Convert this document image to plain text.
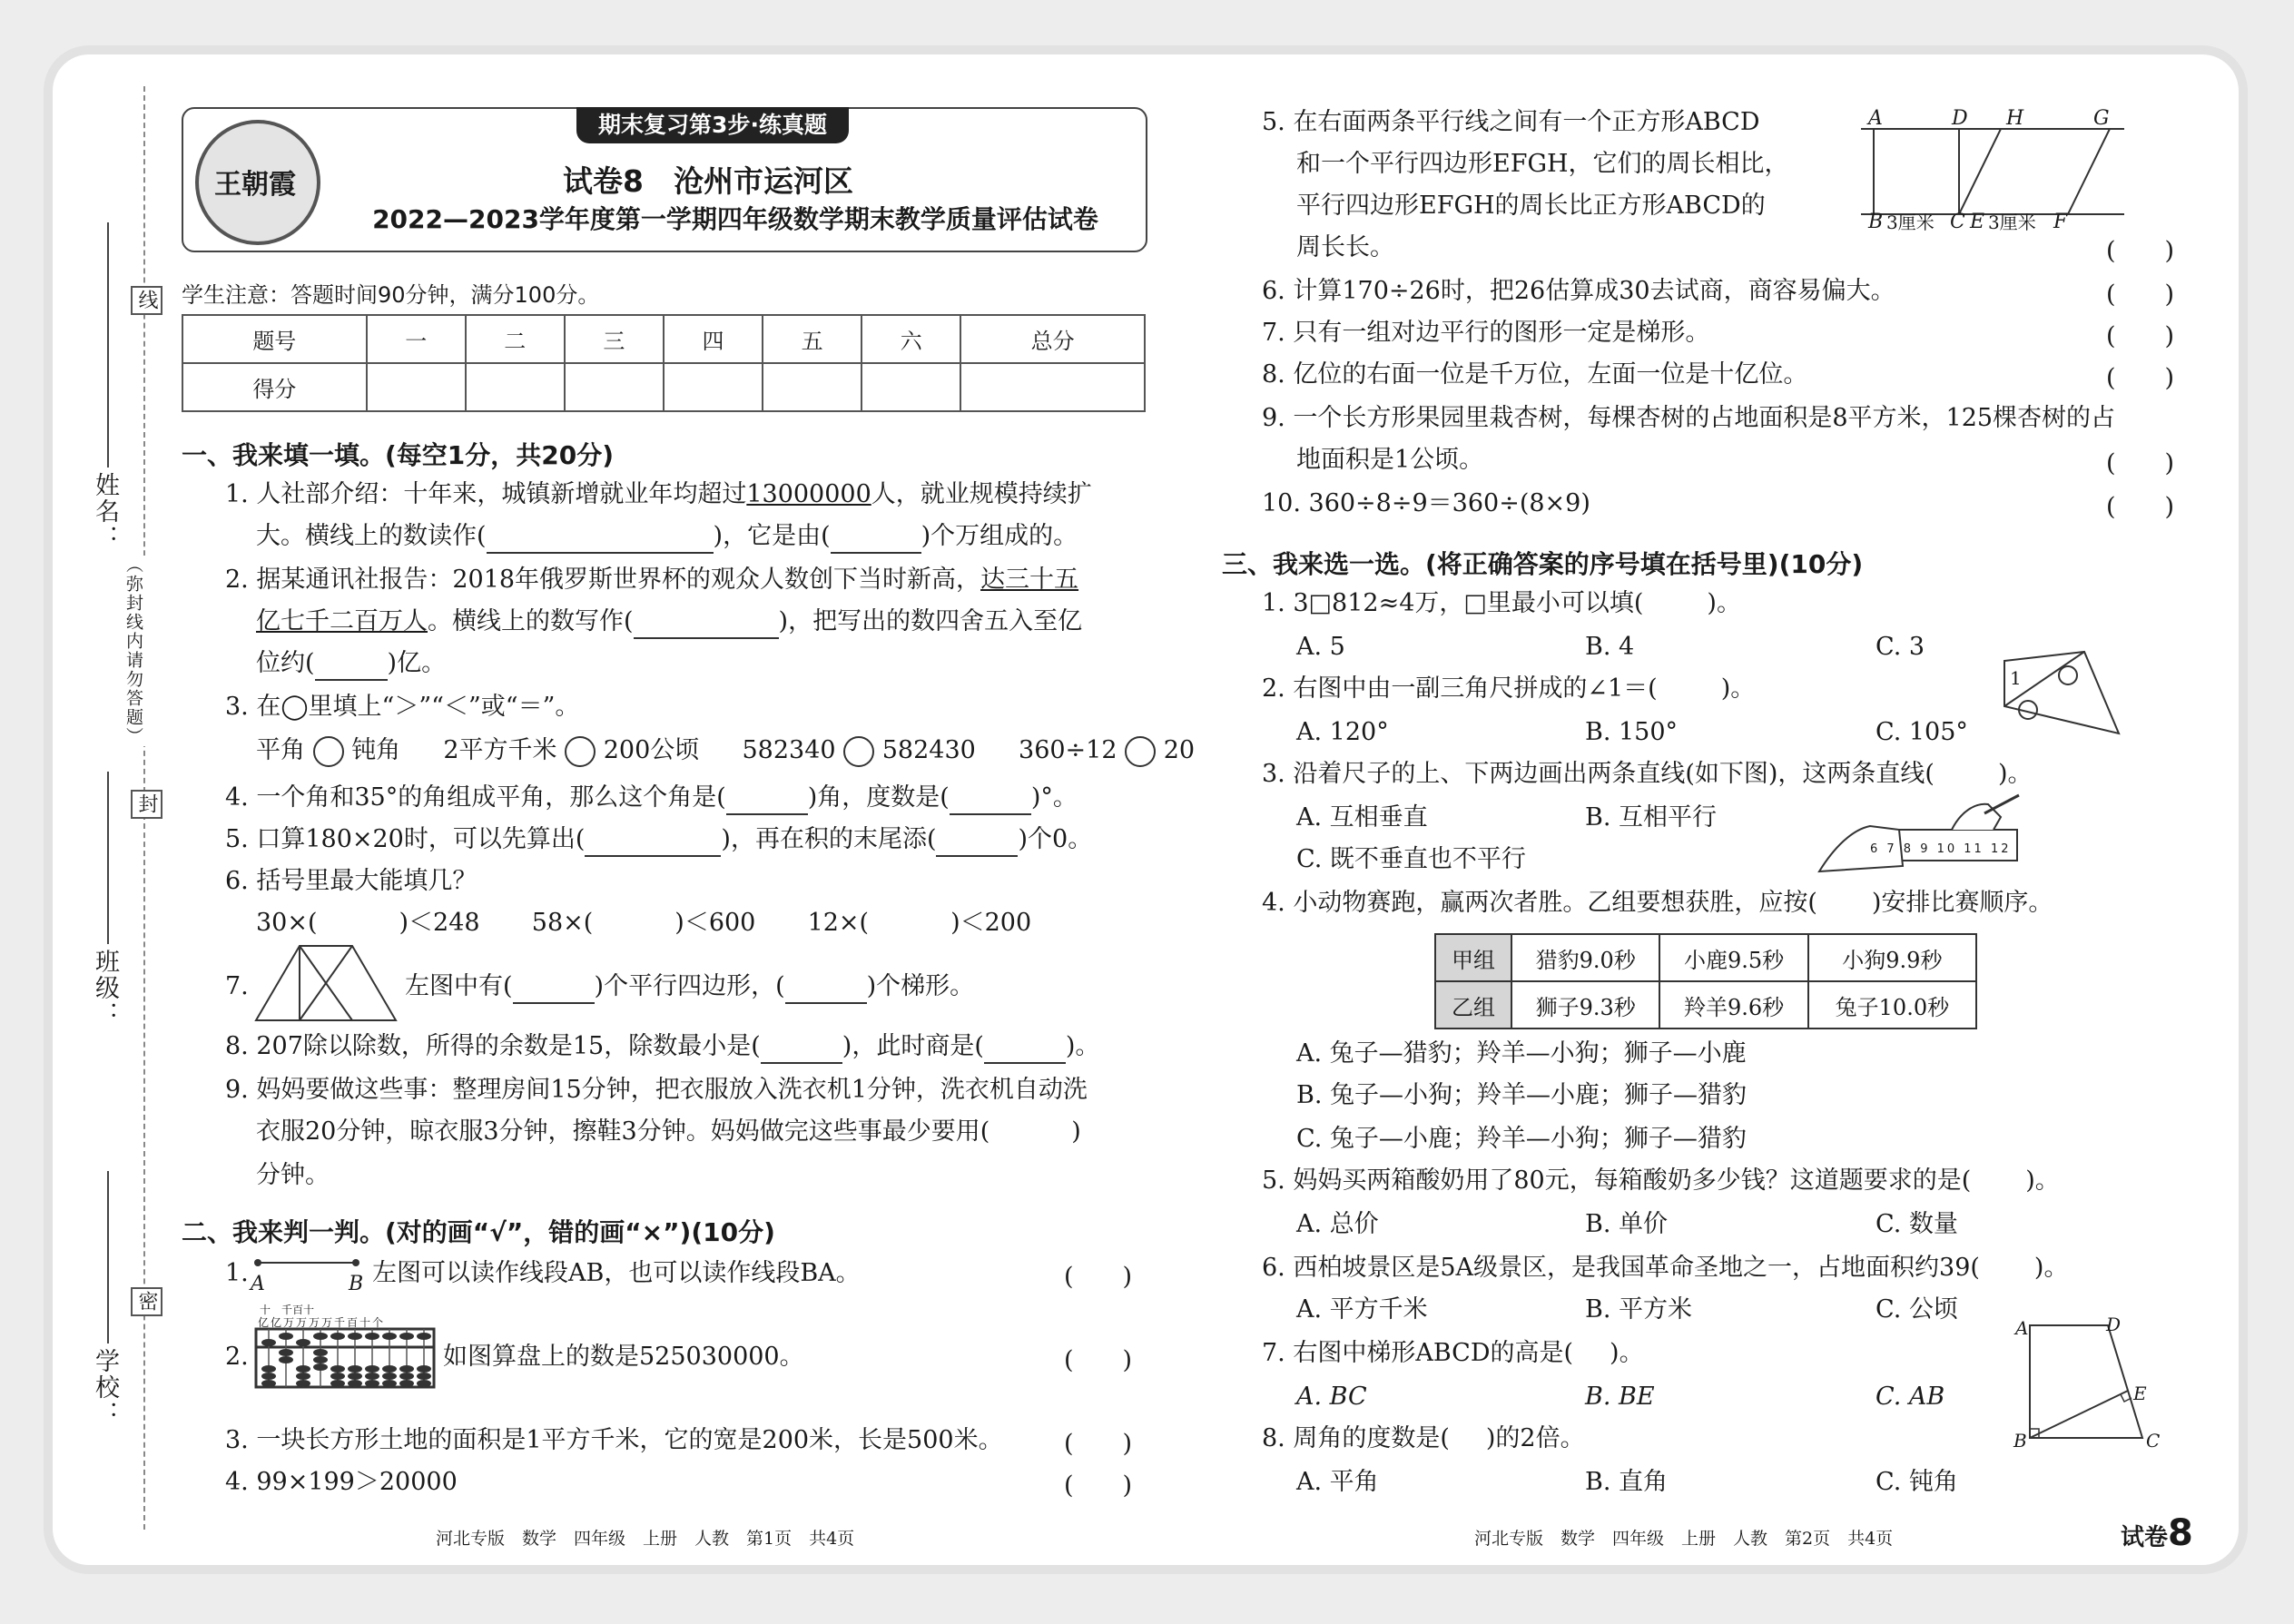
学校：
班级：
姓名：
线
封
密
（弥封线内请勿答题）
期末复习第3步·练真题
王朝霞	试卷8　沧州市运河区
2022—2023学年度第一学期四年级数学期末教学质量评估试卷
学生注意：答题时间90分钟，满分100分。
题号	一	二	三	四	五	六	总分
得分							
一、我来填一填。(每空1分，共20分)
1. 人社部介绍：十年来，城镇新增就业年均超过13000000人，就业规模持续扩
大。横线上的数读作(	)，它是由(	)个万组成的。
2. 据某通讯社报告：2018年俄罗斯世界杯的观众人数创下当时新高，达三十五
亿七千二百万人。横线上的数写作(	)，把写出的数四舍五入至亿
位约(	)亿。
3. 在◯里填上“＞”“＜”或“＝”。
平角 钝角 2平方千米 200公顷 582340 582430 360÷12 20
4. 一个角和35°的角组成平角，那么这个角是(	)角，度数是(	)°。
5. 口算180×20时，可以先算出(	)，再在积的末尾添(	)个0。
6. 括号里最大能填几？
30×(	)＜248 58×(	)＜600 12×(	)＜200
7.	左图中有(	)个平行四边形，(	)个梯形。
8. 207除以除数，所得的余数是15，除数最小是(	)，此时商是(	)。
9. 妈妈要做这些事：整理房间15分钟，把衣服放入洗衣机1分钟，洗衣机自动洗
衣服20分钟，晾衣服3分钟，擦鞋3分钟。妈妈做完这些事最少要用(	)
分钟。
二、我来判一判。(对的画“√”，错的画“×”)(10分)
1. A	B 左图可以读作线段AB，也可以读作线段BA。	(　　)
2.
十　千百十
亿亿万万万万千百十个
如图算盘上的数是525030000。	(　　)
3. 一块长方形土地的面积是1平方千米，它的宽是200米，长是500米。 (　　)
4. 99×199＞20000	(　　)
5. 在右面两条平行线之间有一个正方形ABCD
和一个平行四边形EFGH，它们的周长相比，
平行四边形EFGH的周长比正方形ABCD的
周长长。	(　　)
A	D H	G
B 3厘米 C E 3厘米 F
6. 计算170÷26时，把26估算成30去试商，商容易偏大。	(　　)
7. 只有一组对边平行的图形一定是梯形。	(　　)
8. 亿位的右面一位是千万位，左面一位是十亿位。	(　　)
9. 一个长方形果园里栽杏树，每棵杏树的占地面积是8平方米，125棵杏树的占
地面积是1公顷。	(　　)
10. 360÷8÷9＝360÷(8×9)	(　　)
三、我来选一选。(将正确答案的序号填在括号里)(10分)
1. 3□812≈4万，□里最小可以填(	)。
A. 5	B. 4	C. 3
2. 右图中由一副三角尺拼成的∠1＝(	)。	1
A. 120°	B. 150°	C. 105°
3. 沿着尺子的上、下两边画出两条直线(如下图)，这两条直线(	)。
A. 互相垂直	B. 互相平行
C. 既不垂直也不平行	6 7 8 9 10 11 12
4. 小动物赛跑，赢两次者胜。乙组要想获胜，应按( )安排比赛顺序。
甲组	猎豹9.0秒	小鹿9.5秒	小狗9.9秒
乙组	狮子9.3秒	羚羊9.6秒	兔子10.0秒
A. 兔子—猎豹；羚羊—小狗；狮子—小鹿
B. 兔子—小狗；羚羊—小鹿；狮子—猎豹
C. 兔子—小鹿；羚羊—小狗；狮子—猎豹
5. 妈妈买两箱酸奶用了80元，每箱酸奶多少钱？这道题要求的是( )。
A. 总价	B. 单价	C. 数量
6. 西柏坡景区是5A级景区，是我国革命圣地之一，占地面积约39( )。
A. 平方千米	B. 平方米	C. 公顷
7. 右图中梯形ABCD的高是( )。
A. BC	B. BE	C. AB
A	D
E
B	C
8. 周角的度数是( )的2倍。
A. 平角	B. 直角	C. 钝角
河北专版　数学　四年级　上册　人教　第1页　共4页	河北专版　数学　四年级　上册　人教　第2页　共4页	试卷8
